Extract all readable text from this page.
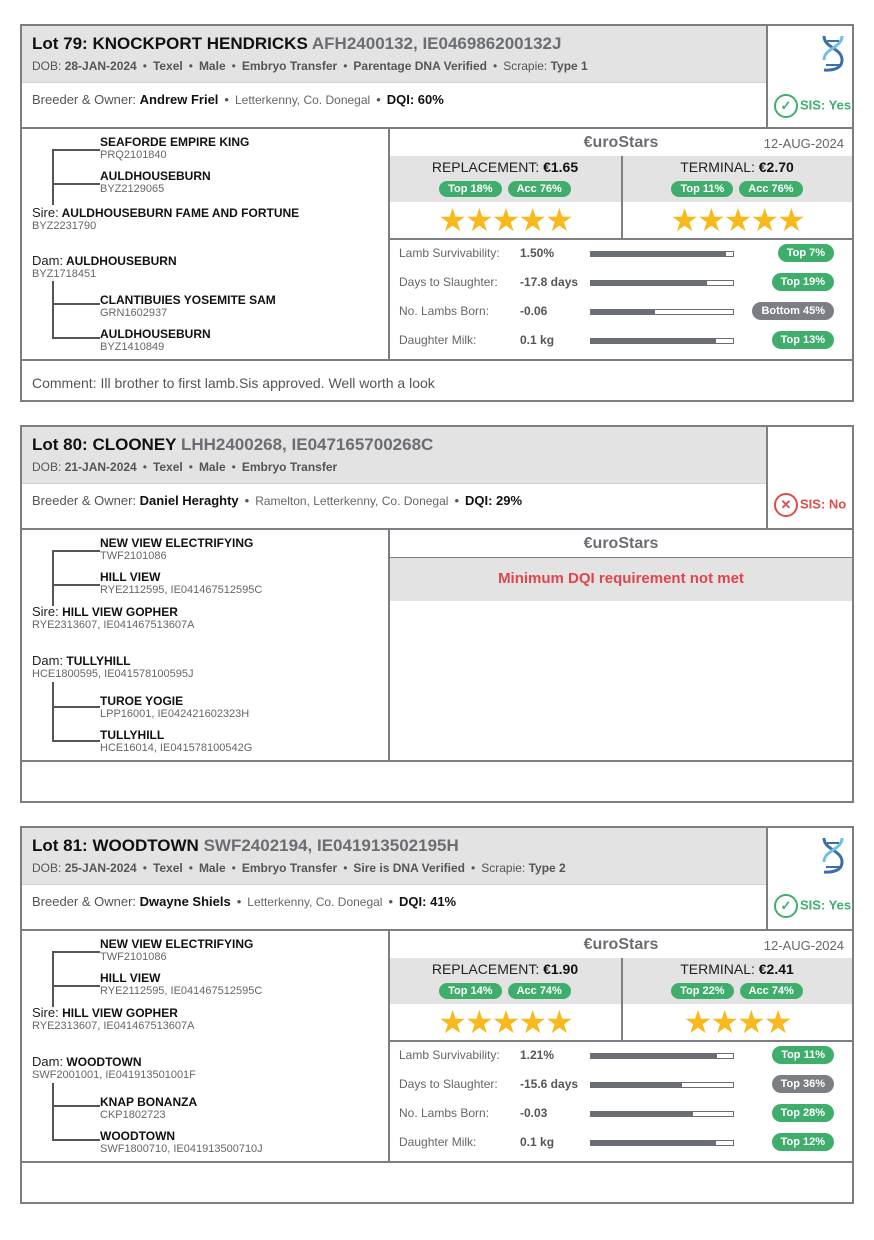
Lot 79: KNOCKPORT HENDRICKS AFH2400132, IE046986200132J
DOB: 28-JAN-2024 • Texel • Male • Embryo Transfer • Parentage DNA Verified • Scrapie: Type 1
Breeder & Owner: Andrew Friel • Letterkenny, Co. Donegal • DQI: 60%	✓ SIS: Yes
SEAFORDE EMPIRE KING
PRQ2101840
AULDHOUSEBURN
BYZ2129065
Sire: AULDHOUSEBURN FAME AND FORTUNE
BYZ2231790
Dam: AULDHOUSEBURN
BYZ1718451
CLANTIBUIES YOSEMITE SAM
GRN1602937
AULDHOUSEBURN
BYZ1410849
€uroStars	12-AUG-2024
REPLACEMENT: €1.65
Top 18% Acc 76%
★★★★★
TERMINAL: €2.70
Top 11% Acc 76%
★★★★★
Lamb Survivability: 1.50%	Top 7%
Days to Slaughter: -17.8 days	Top 19%
No. Lambs Born:	-0.06	Bottom 45%
Daughter Milk:	0.1 kg	Top 13%
Comment: Ill brother to first lamb.Sis approved. Well worth a look
Lot 80: CLOONEY LHH2400268, IE047165700268C
DOB: 21-JAN-2024 • Texel • Male • Embryo Transfer
Breeder & Owner: Daniel Heraghty • Ramelton, Letterkenny, Co. Donegal • DQI: 29%	✕ SIS: No
NEW VIEW ELECTRIFYING
TWF2101086
HILL VIEW
RYE2112595, IE041467512595C
Sire: HILL VIEW GOPHER
RYE2313607, IE041467513607A
Dam: TULLYHILL
HCE1800595, IE041578100595J
TUROE YOGIE
LPP16001, IE042421602323H
TULLYHILL
HCE16014, IE041578100542G
€uroStars
Minimum DQI requirement not met
Lot 81: WOODTOWN SWF2402194, IE041913502195H
DOB: 25-JAN-2024 • Texel • Male • Embryo Transfer • Sire is DNA Verified • Scrapie: Type 2
Breeder & Owner: Dwayne Shiels • Letterkenny, Co. Donegal • DQI: 41%	✓ SIS: Yes
NEW VIEW ELECTRIFYING
TWF2101086
HILL VIEW
RYE2112595, IE041467512595C
Sire: HILL VIEW GOPHER
RYE2313607, IE041467513607A
Dam: WOODTOWN
SWF2001001, IE041913501001F
KNAP BONANZA
CKP1802723
WOODTOWN
SWF1800710, IE041913500710J
€uroStars	12-AUG-2024
REPLACEMENT: €1.90
Top 14% Acc 74%
★★★★★
TERMINAL: €2.41
Top 22% Acc 74%
★★★★
Lamb Survivability: 1.21%	Top 11%
Days to Slaughter: -15.6 days	Top 36%
No. Lambs Born:	-0.03	Top 28%
Daughter Milk:	0.1 kg	Top 12%
